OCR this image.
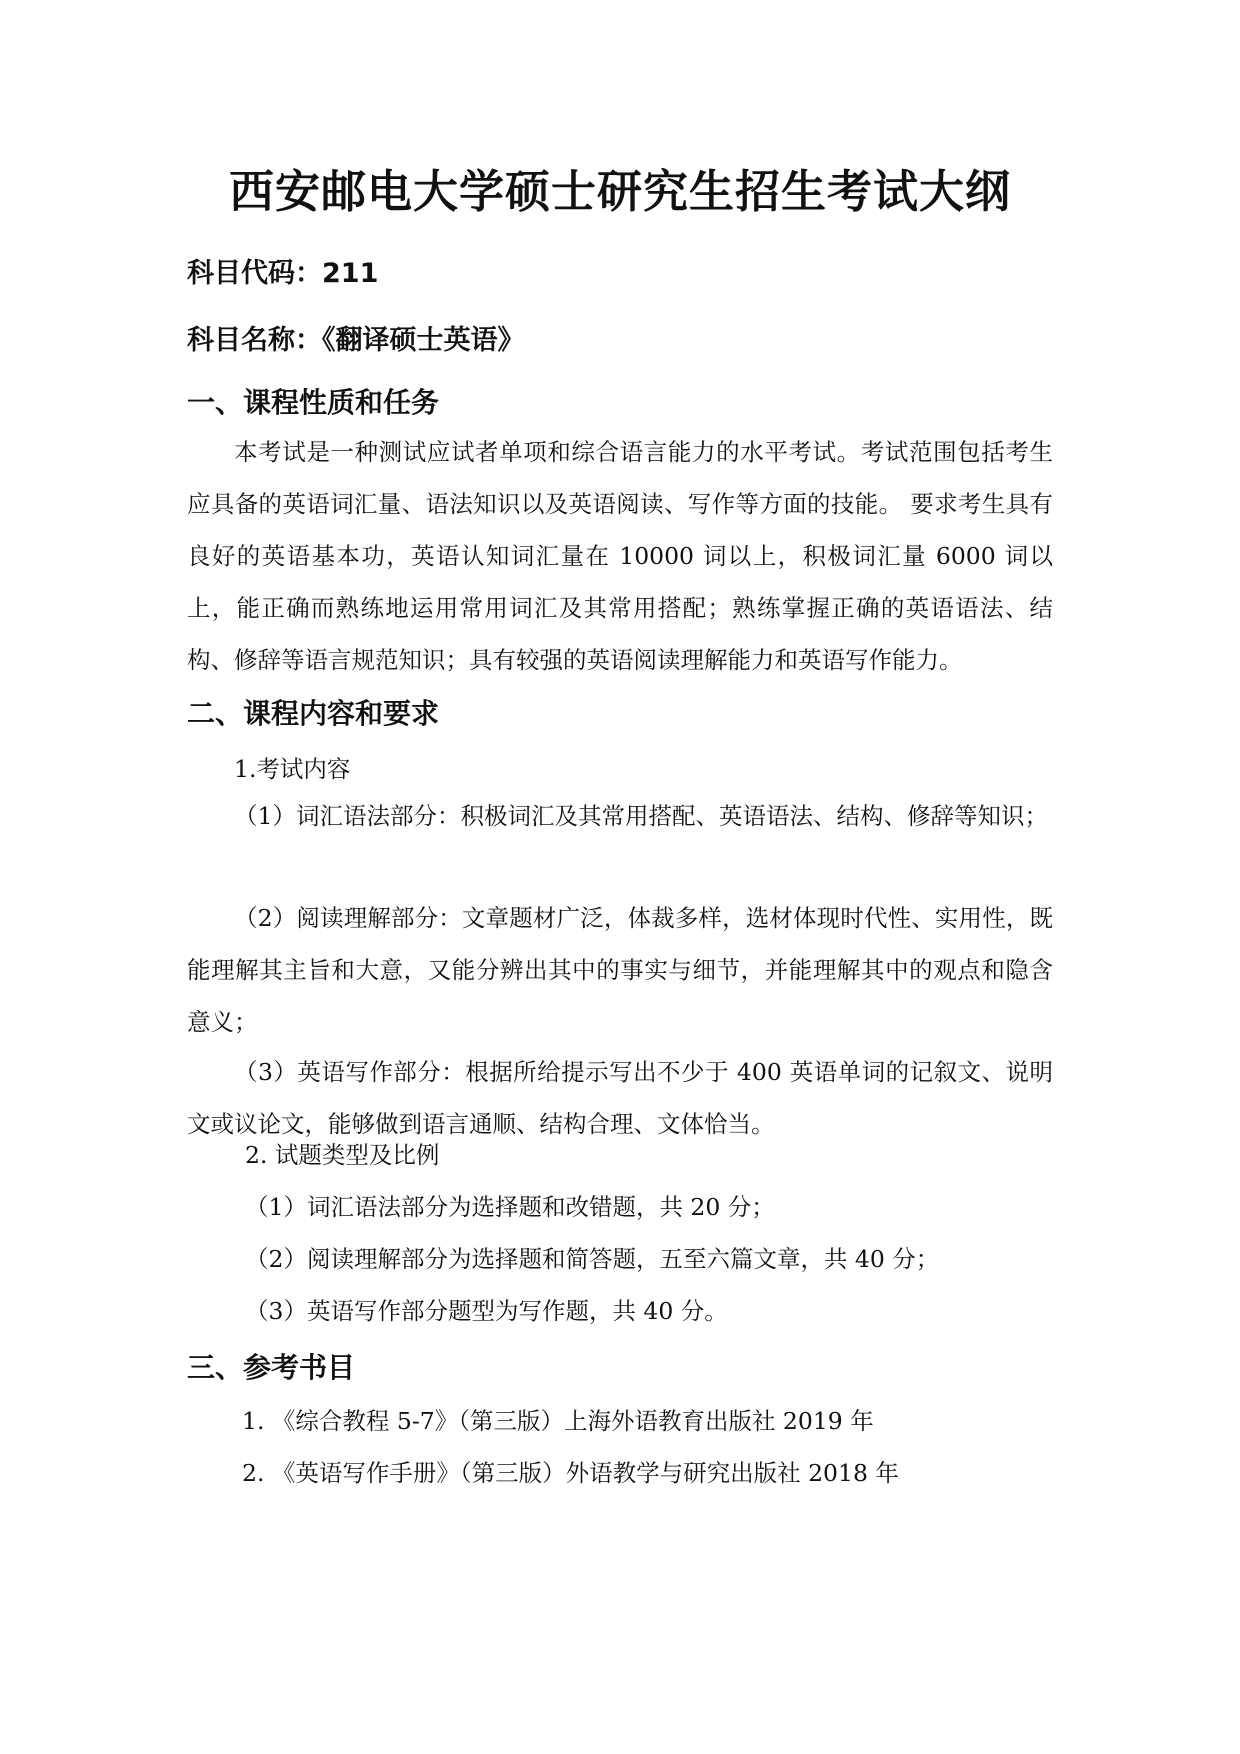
西安邮电大学硕士研究生招生考试大纲
科目代码：211
科目名称：《翻译硕士英语》
一、课程性质和任务

本考试是一种测试应试者单项和综合语言能力的水平考试。考试范围包括考生应具备的英语词汇量、语法知识以及英语阅读、写作等方面的技能。 要求考生具有良好的英语基本功，英语认知词汇量在 10000 词以上，积极词汇量 6000 词以上，能正确而熟练地运用常用词汇及其常用搭配；熟练掌握正确的英语语法、结构、修辞等语言规范知识；具有较强的英语阅读理解能力和英语写作能力。

二、课程内容和要求
1.考试内容

（1）词汇语法部分：积极词汇及其常用搭配、英语语法、结构、修辞等知识；

（2）阅读理解部分：文章题材广泛，体裁多样，选材体现时代性、实用性，既能理解其主旨和大意，又能分辨出其中的事实与细节，并能理解其中的观点和隐含意义；

（3）英语写作部分：根据所给提示写出不少于 400 英语单词的记叙文、说明文或议论文，能够做到语言通顺、结构合理、文体恰当。

2. 试题类型及比例
（1）词汇语法部分为选择题和改错题，共 20 分；
（2）阅读理解部分为选择题和简答题，五至六篇文章，共 40 分；
（3）英语写作部分题型为写作题，共 40 分。
三、参考书目
1. 《综合教程 5-7》（第三版）上海外语教育出版社 2019 年
2. 《英语写作手册》（第三版）外语教学与研究出版社 2018 年
